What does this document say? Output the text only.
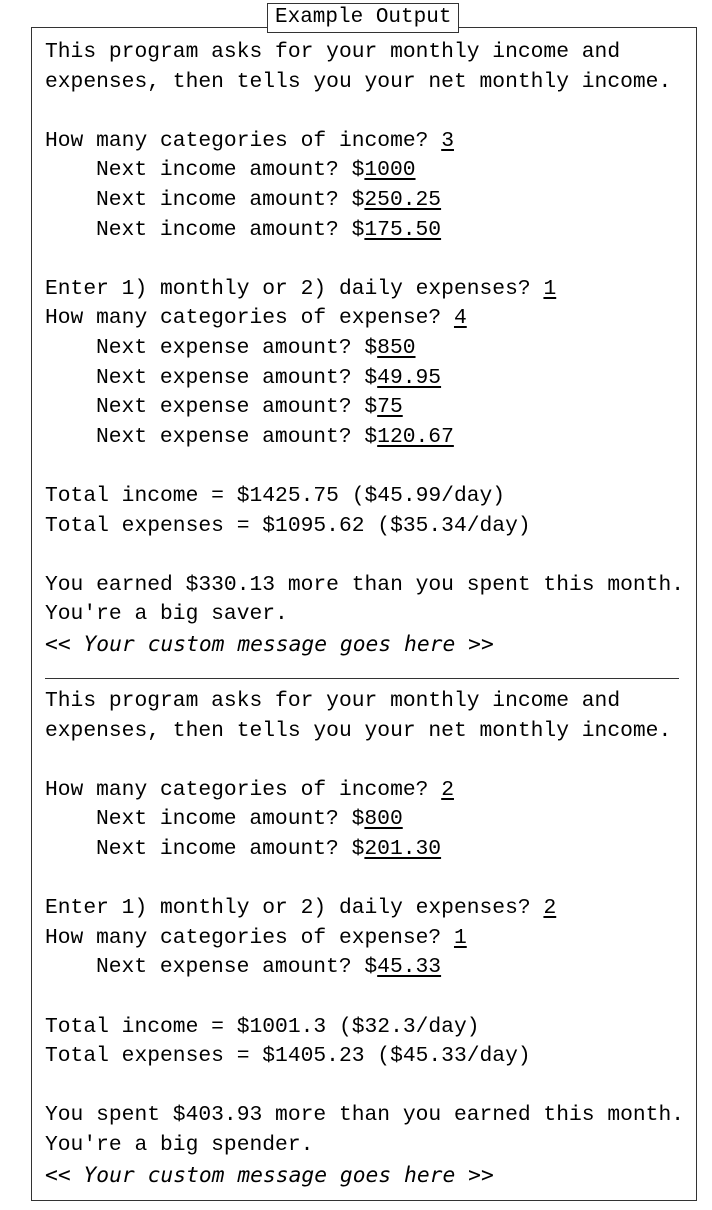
Example Output
This program asks for your monthly income and
expenses, then tells you your net monthly income.
How many categories of income? 3
Next income amount? $1000
Next income amount? $250.25
Next income amount? $175.50
Enter 1) monthly or 2) daily expenses? 1
How many categories of expense? 4
Next expense amount? $850
Next expense amount? $49.95
Next expense amount? $75
Next expense amount? $120.67
Total income = $1425.75 ($45.99/day)
Total expenses = $1095.62 ($35.34/day)
You earned $330.13 more than you spent this month.
You're a big saver.
<< Your custom message goes here >>
This program asks for your monthly income and
expenses, then tells you your net monthly income.
How many categories of income? 2
Next income amount? $800
Next income amount? $201.30
Enter 1) monthly or 2) daily expenses? 2
How many categories of expense? 1
Next expense amount? $45.33
Total income = $1001.3 ($32.3/day)
Total expenses = $1405.23 ($45.33/day)
You spent $403.93 more than you earned this month.
You're a big spender.
<< Your custom message goes here >>
